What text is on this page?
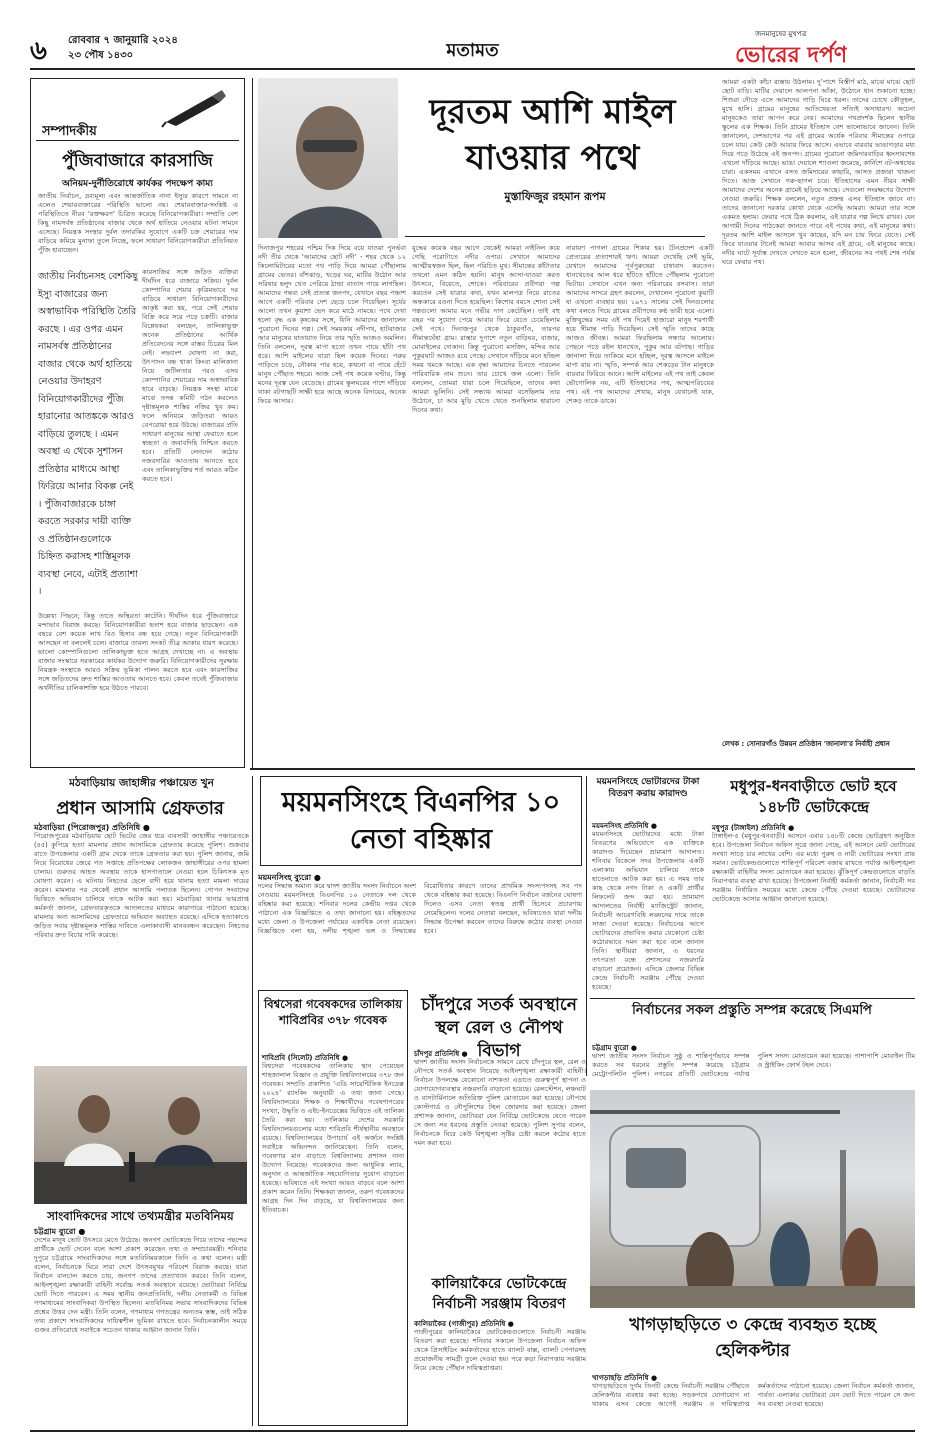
৬ রোববার ৭ জানুয়ারি ২০২৪
২৩ পৌষ ১৪৩০	মতামত
জনমানুষের মুখপত্র
ভোরের দর্পণ
সম্পাদকীয়
পুঁজিবাজারে কারসাজি
অনিয়ম-দুর্নীতিরোধে কার্যকর পদক্ষেপ কাম্য
জাতীয় নির্বাচন, দ্রব্যমূল্য এবং আন্তর্জাতিক নানা ইস্যুর কারণে সামনে না এলেও শেয়ারবাজারের পরিস্থিতি ভালো নয়। শেয়ারবাজার-সংশ্লিষ্ট এ পরিস্থিতিতে নীরব ‘রক্তক্ষরণ’ চিত্রিত করেছে বিনিয়োগকারীরা। সম্প্রতি বেশ কিছু নামসর্বস্ব প্রতিষ্ঠানের বাজার থেকে অর্থ হাতিয়ে নেওয়ার ঘটনা সামনে এসেছে। নিয়ন্ত্রক সংস্থার দুর্বল তদারকির সুযোগে একটি চক্র শেয়ারের দাম বাড়িয়ে কমিয়ে মুনাফা তুলে নিচ্ছে, ফলে সাধারণ বিনিয়োগকারীরা প্রতিনিয়ত পুঁজি হারাচ্ছেন।
জাতীয় নির্বাচনসহ বেশকিছু ইস্যু বাজারের জন্য অস্বাভাবিক পরিস্থিতি তৈরি করছে । এর ওপর এমন নামসর্বস্ব প্রতিষ্ঠানের বাজার থেকে অর্থ হাতিয়ে নেওয়ার উদাহরণ বিনিয়োগকারীদের পুঁজি হারানোর আতঙ্ককে আরও বাড়িয়ে তুলছে । এমন অবস্থা এ থেকে সুশাসন প্রতিষ্ঠার মাধ্যমে আস্থা ফিরিয়ে আনার বিকল্প নেই । পুঁজিবাজারকে চাঙ্গা করতে সরকার দায়ী ব্যক্তি ও প্রতিষ্ঠানগুলোকে চিহ্নিত করাসহ শাস্তিমূলক ব্যবস্থা নেবে, এটাই প্রত্যাশা ।
কারসাজির সঙ্গে জড়িত ব্যক্তিরা দীর্ঘদিন ধরে বাজারে সক্রিয়। দুর্বল কোম্পানির শেয়ার কৃত্রিমভাবে দর বাড়িয়ে সাধারণ বিনিয়োগকারীদের আকৃষ্ট করা হয়, পরে সেই শেয়ার বিক্রি করে সরে পড়ে চক্রটি। বাজার বিশ্লেষকরা বলছেন, তালিকাভুক্ত অনেক প্রতিষ্ঠানের আর্থিক প্রতিবেদনের সঙ্গে বাস্তব চিত্রের মিল নেই। লভ্যাংশ ঘোষণা না করা, উৎপাদন বন্ধ থাকা কিংবা মালিকানা নিয়ে জটিলতার পরও এসব কোম্পানির শেয়ারের দাম অস্বাভাবিক হারে বাড়ছে। নিয়ন্ত্রক সংস্থা মাঝে মাঝে তদন্ত কমিটি গঠন করলেও দৃষ্টান্তমূলক শাস্তির নজির খুব কম। ফলে অনিয়মে জড়িতরা আরও বেপরোয়া হয়ে উঠছে। বাজারের প্রতি সাধারণ মানুষের আস্থা ফেরাতে হলে স্বচ্ছতা ও জবাবদিহি নিশ্চিত করতে হবে। প্রতিটি লেনদেন কঠোর নজরদারির আওতায় আনতে হবে এবং তালিকাভুক্তির শর্ত আরও কঠিন করতে হবে।
উল্লেখ্য পিছনে; কিন্তু তাতে অস্থিরতা কাটেনি। দীর্ঘদিন ধরে পুঁজিবাজারে মন্দাভাব বিরাজ করছে। বিনিয়োগকারীরা হতাশ হয়ে বাজার ছাড়ছেন। এক বছরে বেশ কয়েক লাখ বিও হিসাব বন্ধ হয়ে গেছে। নতুন বিনিয়োগকারী আসছেন না বললেই চলে। বাজারে তারল্য সংকট তীব্র আকার ধারণ করেছে। ভালো কোম্পানিগুলো তালিকাভুক্ত হতে আগ্রহ দেখাচ্ছে না। এ অবস্থায় বাজার সংস্কারে সরকারের কার্যকর উদ্যোগ জরুরি। বিনিয়োগকারীদের সুরক্ষায় নিয়ন্ত্রক সংস্থাকে আরও সক্রিয় ভূমিকা পালন করতে হবে এবং কারসাজির সঙ্গে জড়িতদের দ্রুত শাস্তির আওতায় আনতে হবে। কেবল তবেই পুঁজিবাজার অর্থনীতির চালিকাশক্তি হয়ে উঠতে পারবে।
দূরতম আশি মাইল
যাওয়ার পথে
মুস্তাফিজুর রহমান রূপম
দিনাজপুর শহরের পশ্চিম দিক দিয়ে বয়ে যাওয়া পুনর্ভবা নদী তীর থেকে ‘আমাদের ছোট নদী’ - শহর থেকে ১২ কিলোমিটারের মতো পথ পাড়ি দিয়ে আমরা পৌঁছালাম গ্রামের ভেতর। বাঁশঝাড়, খড়ের ঘর, মাটির উঠোন আর সরিষার হলুদ খেত পেরিয়ে ঠান্ডা বাতাস গায়ে লাগছিল। আমাদের গন্তব্য সেই প্রত্যন্ত জনপদ, যেখানে বছর পঞ্চাশ আগে একটি পরিবার দেশ ছেড়ে চলে গিয়েছিল। সূর্যের আলো তখন কুয়াশা ভেদ করে মাঠে নামছে। পথে দেখা হলো বৃদ্ধ এক কৃষকের সঙ্গে, যিনি আমাদের জানালেন পুরোনো দিনের গল্প। সেই সময়কার নদীপথ, হাটবাজার আর মানুষের যাতায়াত নিয়ে তার স্মৃতি আজও অমলিন। তিনি বললেন, দূরত্ব মাপা হতো তখন পায়ে হাঁটা পথ ধরে। আশি মাইলের যাত্রা ছিল কয়েক দিনের। গরুর গাড়িতে চড়ে, নৌকায় পার হয়ে, কখনো বা পায়ে হেঁটে মানুষ পৌঁছাত শহরে। আজ সেই পথ কয়েক ঘণ্টার, কিন্তু মনের দূরত্ব যেন বেড়েছে। গ্রামের স্কুলঘরের পাশে দাঁড়িয়ে থাকা বটগাছটি সাক্ষী হয়ে আছে অনেক বিদায়ের, অনেক ফিরে আসার।
যুদ্ধের কয়েক বছর আগে থেকেই আমরা নাইনিল কয়ে গেছি পরোটাতে নদীর ওপার। সেখানে আমাদের আত্মীয়স্বজন ছিল, ছিল পরিচিত মুখ। সীমান্তের কাঁটাতার তখনো এমন কঠিন হয়নি। মানুষ আসা-যাওয়া করত উৎসবে, বিয়েতে, শোকে। পরিবারের প্রবীণরা গল্প করতেন সেই যাত্রার কথা, যখন মালপত্র নিয়ে রাতের অন্ধকারে রওনা দিতে হয়েছিল। কিশোর বয়সে শোনা সেই গল্পগুলো আমার মনে গভীর দাগ কেটেছিল। তাই বহু বছর পর সুযোগ পেয়ে আবার ফিরে যেতে চেয়েছিলাম সেই পথে। দিনাজপুর থেকে ঠাকুরগাঁও, তারপর সীমান্তঘেঁষা গ্রাম। রাস্তার দুপাশে নতুন বাড়িঘর, বাজার, মোবাইলের দোকান। কিন্তু পুরোনো মসজিদ, মন্দির আর পুকুরঘাট আজও রয়ে গেছে। সেখানে দাঁড়িয়ে মনে হচ্ছিল সময় থমকে আছে। এক বৃদ্ধা আমাদের চিনতে পারলেন পারিবারিক নাম শুনে। তার চোখে জল এলো। তিনি বললেন, তোমরা যারা চলে গিয়েছিলে, তাদের কথা আমরা ভুলিনি। সেই সন্ধ্যায় আমরা বসেছিলাম তার উঠোনে, চা আর মুড়ি খেতে খেতে শুনছিলাম হারানো দিনের কথা।
নারায়ণ পাগলা গ্রামের শিকার হয়। টৈনপ্রদেশ একটি প্রেত্যয়ের প্রত্যাশারই ঋণ। আমরা দেখেছি সেই ভূমি, যেখানে আমাদের পূর্বপুরুষেরা চাষাবাদ করতেন। ধানখেতের আল ধরে হাঁটতে হাঁটতে পৌঁছলাম পুরোনো ভিটায়। সেখানে এখন অন্য পরিবারের বসবাস। তারা আমাদের সাদরে গ্রহণ করলেন, দেখালেন পুরোনো কুয়াটি যা এখনো ব্যবহার হয়। ১৯৭১ সালের সেই দিনগুলোর কথা বলতে গিয়ে গ্রামের প্রবীণদের কণ্ঠ ভারী হয়ে এলো। মুক্তিযুদ্ধের সময় এই পথ দিয়েই হাজারো মানুষ শরণার্থী হয়ে সীমান্ত পাড়ি দিয়েছিল। সেই স্মৃতি তাদের কাছে আজও জীবন্ত। আমরা ফিরছিলাম সন্ধ্যার আলোয়। পেছনে পড়ে রইল ধানখেত, পুকুর আর বটগাছ। গাড়ির জানালা দিয়ে তাকিয়ে মনে হচ্ছিল, দূরত্ব আসলে মাইলে মাপা যায় না। স্মৃতি, সম্পর্ক আর শেকড়ের টান মানুষকে বারবার ফিরিয়ে আনে। আশি মাইলের এই পথ তাই কেবল ভৌগোলিক নয়, এটি ইতিহাসের পথ, আত্মপরিচয়ের পথ। এই পথ আমাদের শেখায়, মানুষ যেখানেই যাক, শেকড় তাকে ডাকে।
আমরা একটা কাঁচা রাস্তায় উঠলাম। দু’পাশে বিস্তীর্ণ মাঠ, মাঝে মাঝে ছোট ছোট বাড়ি। মাটির দেয়ালে আলপনা আঁকা, উঠোনে ধান শুকানো হচ্ছে। শিশুরা দৌড়ে এসে আমাদের গাড়ি ঘিরে ধরল। তাদের চোখে কৌতূহল, মুখে হাসি। গ্রামের মানুষের আতিথেয়তা সত্যিই অসাধারণ। অচেনা মানুষকেও তারা আপন করে নেয়। আমাদের পথপ্রদর্শক ছিলেন স্থানীয় স্কুলের এক শিক্ষক। তিনি গ্রামের ইতিহাস বেশ ভালোভাবে জানেন। তিনি জানালেন, দেশভাগের পর এই গ্রামের অর্ধেক পরিবার সীমান্তের ওপারে চলে যায়। কেউ কেউ আবার ফিরে আসে। এভাবে বারবার ভাঙাগড়ার মধ্য দিয়ে গড়ে উঠেছে এই জনপদ। গ্রামের পুরোনো জমিদারবাড়ির ধ্বংসাবশেষ এখনো দাঁড়িয়ে আছে। ভাঙা দেয়ালে শ্যাওলা জমেছে, কার্নিশে বট-অশ্বত্থের চারা। একসময় এখানে বসত জমিদারের কাছারি, আসত প্রজারা খাজনা দিতে। আজ সেখানে গরু-ছাগল চরে। ইতিহাসের এমন নীরব সাক্ষী আমাদের দেশের অনেক গ্রামেই ছড়িয়ে আছে। সেগুলো সংরক্ষণের উদ্যোগ নেওয়া জরুরি। শিক্ষক বললেন, নতুন প্রজন্ম এসব ইতিহাস জানে না। তাদের জানানো দরকার কোথা থেকে এসেছি আমরা। আমরা তার সঙ্গে একমত হলাম। ফেরার পথে ঠিক করলাম, এই যাত্রার গল্প লিখে রাখব। যেন আগামী দিনের পাঠকেরা জানতে পারে এই পথের কথা, এই মানুষের কথা। দূরতম আশি মাইল আসলে খুব কাছের, যদি মন চায় ফিরে যেতে। সেই ফিরে যাওয়ার টানেই আমরা আবার আসব এই গ্রামে, এই মানুষের কাছে। নদীর ঘাটে সূর্যাস্ত দেখতে দেখতে মনে হলো, জীবনের সব পথই শেষ পর্যন্ত ঘরে ফেরার পথ।
লেখক : সোনারগাঁও উন্নয়ন প্রতিষ্ঠান 'জানালা'র নির্বাহী প্রধান
মঠবাড়িয়ায় জাহাঙ্গীর পঞ্চায়েত খুন
প্রধান আসামি গ্রেফতার
মঠবাড়িয়া (পিরোজপুর) প্রতিনিধি ●
পিরোজপুরের মঠবাড়িয়ায় ছোট ভিটের জের ধরে ব্যবসায়ী জাহাঙ্গীর পঞ্চায়েতকে (৫৫) কুপিয়ে হত্যা মামলার প্রধান আসামিকে গ্রেফতার করেছে পুলিশ। শুক্রবার রাতে উপজেলার একটি গ্রাম থেকে তাকে গ্রেফতার করা হয়। পুলিশ জানায়, জমি নিয়ে বিরোধের জেরে গত সপ্তাহে প্রতিপক্ষের লোকজন জাহাঙ্গীরের ওপর হামলা চালায়। গুরুতর আহত অবস্থায় তাকে হাসপাতালে নেওয়া হলে চিকিৎসক মৃত ঘোষণা করেন। এ ঘটনায় নিহতের ছেলে বাদী হয়ে থানায় হত্যা মামলা দায়ের করেন। মামলার পর থেকেই প্রধান আসামি পলাতক ছিলেন। গোপন সংবাদের ভিত্তিতে অভিযান চালিয়ে তাকে আটক করা হয়। মঠবাড়িয়া থানার ভারপ্রাপ্ত কর্মকর্তা জানান, গ্রেফতারকৃতকে আদালতের মাধ্যমে কারাগারে পাঠানো হয়েছে। মামলার অন্য আসামিদের গ্রেফতারে অভিযান অব্যাহত রয়েছে। এদিকে হত্যাকাণ্ডে জড়িত সবার দৃষ্টান্তমূলক শাস্তির দাবিতে এলাকাবাসী মানববন্ধন করেছেন। নিহতের পরিবার দ্রুত বিচার দাবি করেছে।
সাংবাদিকদের সাথে তথ্যমন্ত্রীর মতবিনিময়
চট্টগ্রাম ব্যুরো ●
দেশের মানুষ ভোট উৎসবে মেতে উঠেছে। জনগণ ভোটকেন্দ্রে গিয়ে তাদের পছন্দের প্রার্থীকে ভোট দেবেন বলে আশা প্রকাশ করেছেন তথ্য ও সম্প্রচারমন্ত্রী। শনিবার দুপুরে চট্টগ্রামে সাংবাদিকদের সঙ্গে মতবিনিময়কালে তিনি এ কথা বলেন। মন্ত্রী বলেন, নির্বাচনকে ঘিরে সারা দেশে উৎসবমুখর পরিবেশ বিরাজ করছে। যারা নির্বাচন বানচাল করতে চায়, জনগণ তাদের প্রত্যাখ্যান করবে। তিনি বলেন, আইনশৃঙ্খলা রক্ষাকারী বাহিনী সর্বোচ্চ সতর্ক অবস্থানে রয়েছে। ভোটাররা নির্বিঘ্নে ভোট দিতে পারবেন। এ সময় স্থানীয় জনপ্রতিনিধি, দলীয় নেতাকর্মী ও বিভিন্ন গণমাধ্যমের সাংবাদিকরা উপস্থিত ছিলেন। মতবিনিময় সভায় সাংবাদিকদের বিভিন্ন প্রশ্নের উত্তর দেন মন্ত্রী। তিনি বলেন, গণমাধ্যম গণতন্ত্রের অন্যতম স্তম্ভ, তাই সঠিক তথ্য প্রকাশে সাংবাদিকদের দায়িত্বশীল ভূমিকা রাখতে হবে। নির্বাচনকালীন সময়ে গুজব প্রতিরোধে সবাইকে সচেতন থাকার আহ্বান জানান তিনি।
ময়মনসিংহে বিএনপির ১০ নেতা বহিষ্কার
ময়মনসিংহ ব্যুরো ●
দলের সিদ্ধান্ত অমান্য করে দ্বাদশ জাতীয় সংসদ নির্বাচনে অংশ নেওয়ায় ময়মনসিংহে বিএনপির ১০ নেতাকে দল থেকে বহিষ্কার করা হয়েছে। শনিবার দলের কেন্দ্রীয় দপ্তর থেকে পাঠানো এক বিজ্ঞপ্তিতে এ তথ্য জানানো হয়। বহিষ্কৃতদের মধ্যে জেলা ও উপজেলা পর্যায়ের একাধিক নেতা রয়েছেন। বিজ্ঞপ্তিতে বলা হয়, দলীয় শৃঙ্খলা ভঙ্গ ও সিদ্ধান্তের বিরোধিতার কারণে তাদের প্রাথমিক সদস্যপদসহ সব পদ থেকে বহিষ্কার করা হয়েছে। বিএনপি নির্বাচন বর্জনের ঘোষণা দিলেও এসব নেতা স্বতন্ত্র প্রার্থী হিসেবে প্রচারণায় নেমেছিলেন। দলের নেতারা বলছেন, ভবিষ্যতেও যারা দলীয় সিদ্ধান্ত উপেক্ষা করবেন তাদের বিরুদ্ধে কঠোর ব্যবস্থা নেওয়া হবে।
বিশ্বসেরা গবেষকদের তালিকায় শাবিপ্রবির ৩৭৮ গবেষক
শাবিপ্রবি (সিলেট) প্রতিনিধি ●
বিশ্বসেরা গবেষকদের তালিকায় স্থান পেয়েছেন শাহজালাল বিজ্ঞান ও প্রযুক্তি বিশ্ববিদ্যালয়ের ৩৭৮ জন গবেষক। সম্প্রতি প্রকাশিত ‘এডি সায়েন্টিফিক ইনডেক্স ২০২৪’ র‍্যাংকিং অনুযায়ী এ তথ্য জানা গেছে। বিশ্ববিদ্যালয়ের শিক্ষক ও শিক্ষার্থীদের গবেষণাপত্রের সংখ্যা, উদ্ধৃতি ও এইচ-ইনডেক্সের ভিত্তিতে এই তালিকা তৈরি করা হয়। তালিকায় দেশের সরকারি বিশ্ববিদ্যালয়গুলোর মধ্যে শাবিপ্রবি শীর্ষস্থানীয় অবস্থানে রয়েছে। বিশ্ববিদ্যালয়ের উপাচার্য এই অর্জনে সংশ্লিষ্ট সবাইকে অভিনন্দন জানিয়েছেন। তিনি বলেন, গবেষণার মান বাড়াতে বিশ্ববিদ্যালয় প্রশাসন নানা উদ্যোগ নিয়েছে। গবেষকদের জন্য আধুনিক ল্যাব, অনুদান ও আন্তর্জাতিক সহযোগিতার সুযোগ বাড়ানো হয়েছে। ভবিষ্যতে এই সংখ্যা আরও বাড়বে বলে আশা প্রকাশ করেন তিনি। শিক্ষকরা জানান, তরুণ গবেষকদের আগ্রহ দিন দিন বাড়ছে, যা বিশ্ববিদ্যালয়ের জন্য ইতিবাচক।
চাঁদপুরে সতর্ক অবস্থানে স্থল রেল ও নৌপথ বিভাগ
চাঁদপুর প্রতিনিধি ●
দ্বাদশ জাতীয় সংসদ নির্বাচনকে সামনে রেখে চাঁদপুরে স্থল, রেল ও নৌপথে সতর্ক অবস্থান নিয়েছে আইনশৃঙ্খলা রক্ষাকারী বাহিনী। নির্বাচন উপলক্ষে যেকোনো নাশকতা এড়াতে গুরুত্বপূর্ণ স্থাপনা ও যোগাযোগব্যবস্থায় নজরদারি বাড়ানো হয়েছে। রেলস্টেশন, লঞ্চঘাট ও বাসটার্মিনালে অতিরিক্ত পুলিশ মোতায়েন করা হয়েছে। নৌপথে কোস্টগার্ড ও নৌপুলিশের টহল জোরদার করা হয়েছে। জেলা প্রশাসক জানান, ভোটাররা যেন নির্বিঘ্নে ভোটকেন্দ্রে যেতে পারেন সে জন্য সব ধরনের প্রস্তুতি নেওয়া হয়েছে। পুলিশ সুপার বলেন, নির্বাচনকে ঘিরে কেউ বিশৃঙ্খলা সৃষ্টির চেষ্টা করলে কঠোর হাতে দমন করা হবে।
কালিয়াকৈরে ভোটকেন্দ্রে নির্বাচনী সরঞ্জাম বিতরণ
কালিয়াকৈর (গাজীপুর) প্রতিনিধি ●
গাজীপুরের কালিয়াকৈরে ভোটকেন্দ্রগুলোতে নির্বাচনী সরঞ্জাম বিতরণ করা হয়েছে। শনিবার সকালে উপজেলা নির্বাচন অফিস থেকে প্রিসাইডিং কর্মকর্তাদের হাতে ব্যালট বাক্স, ব্যালট পেপারসহ প্রয়োজনীয় সামগ্রী তুলে দেওয়া হয়। পরে কড়া নিরাপত্তায় সরঞ্জাম নিয়ে কেন্দ্রে পৌঁছান দায়িত্বপ্রাপ্তরা।
ময়মনসিংহে ভোটারদের টাকা বিতরণ করায় কারাদণ্ড
ময়মনসিংহ প্রতিনিধি ●
ময়মনসিংহে ভোটারদের মধ্যে টাকা বিতরণের অভিযোগে এক ব্যক্তিকে কারাদণ্ড দিয়েছেন ভ্রাম্যমাণ আদালত। শনিবার বিকেলে সদর উপজেলার একটি এলাকায় অভিযান চালিয়ে তাকে হাতেনাতে আটক করা হয়। এ সময় তার কাছ থেকে নগদ টাকা ও একটি প্রার্থীর লিফলেট জব্দ করা হয়। ভ্রাম্যমাণ আদালতের নির্বাহী ম্যাজিস্ট্রেট জানান, নির্বাচনী আচরণবিধি লঙ্ঘনের দায়ে তাকে সাজা দেওয়া হয়েছে। নির্বাচনের আগে ভোটারদের প্রভাবিত করার যেকোনো চেষ্টা কঠোরভাবে দমন করা হবে বলে জানান তিনি। স্থানীয়রা জানান, এ ধরনের তৎপরতা বন্ধে প্রশাসনের নজরদারি বাড়ানো প্রয়োজন। এদিকে জেলার বিভিন্ন কেন্দ্রে নির্বাচনী সরঞ্জাম পৌঁছে দেওয়া হয়েছে।
মধুপুর-ধনবাড়ীতে ভোট হবে ১৪৮টি ভোটকেন্দ্রে
মধুপুর (টাঙ্গাইল) প্রতিনিধি ●
টাঙ্গাইল-৫ (মধুপুর-ধনবাড়ী) আসনে এবার ১৪৮টি কেন্দ্রে ভোটগ্রহণ অনুষ্ঠিত হবে। উপজেলা নির্বাচন অফিস সূত্রে জানা গেছে, এই আসনে মোট ভোটারের সংখ্যা সাড়ে চার লাখের বেশি। এর মধ্যে পুরুষ ও নারী ভোটারের সংখ্যা প্রায় সমান। ভোটকেন্দ্রগুলোতে শান্তিপূর্ণ পরিবেশ বজায় রাখতে পর্যাপ্ত আইনশৃঙ্খলা রক্ষাকারী বাহিনীর সদস্য মোতায়েন করা হয়েছে। ঝুঁকিপূর্ণ কেন্দ্রগুলোতে বাড়তি নিরাপত্তার ব্যবস্থা রাখা হয়েছে। উপজেলা নির্বাহী কর্মকর্তা জানান, নির্বাচনী সব সরঞ্জাম নির্ধারিত সময়ের মধ্যে কেন্দ্রে পৌঁছে দেওয়া হয়েছে। ভোটারদের ভোটকেন্দ্রে আসার আহ্বান জানানো হয়েছে।
নির্বাচনের সকল প্রস্তুতি সম্পন্ন করেছে সিএমপি
চট্টগ্রাম ব্যুরো ●
দ্বাদশ জাতীয় সংসদ নির্বাচন সুষ্ঠু ও শান্তিপূর্ণভাবে সম্পন্ন করতে সব ধরনের প্রস্তুতি সম্পন্ন করেছে চট্টগ্রাম মেট্রোপলিটন পুলিশ। নগরের প্রতিটি ভোটকেন্দ্রে পর্যাপ্ত পুলিশ সদস্য মোতায়েন করা হয়েছে। পাশাপাশি মোবাইল টিম ও স্ট্রাইকিং ফোর্স টহল দেবে।
খাগড়াছড়িতে ৩ কেন্দ্রে ব্যবহৃত হচ্ছে হেলিকপ্টার
খাগড়াছড়ি প্রতিনিধি ●
খাগড়াছড়িতে দুর্গম তিনটি কেন্দ্রে নির্বাচনী সরঞ্জাম পৌঁছাতে হেলিকপ্টার ব্যবহার করা হচ্ছে। সড়কপথে যোগাযোগ না থাকায় এসব কেন্দ্রে আগেই সরঞ্জাম ও দায়িত্বপ্রাপ্ত কর্মকর্তাদের পাঠানো হয়েছে। জেলা নির্বাচন কর্মকর্তা জানান, পার্বত্য এলাকার ভোটাররা যেন ভোট দিতে পারেন সে জন্য সব ব্যবস্থা নেওয়া হয়েছে।
